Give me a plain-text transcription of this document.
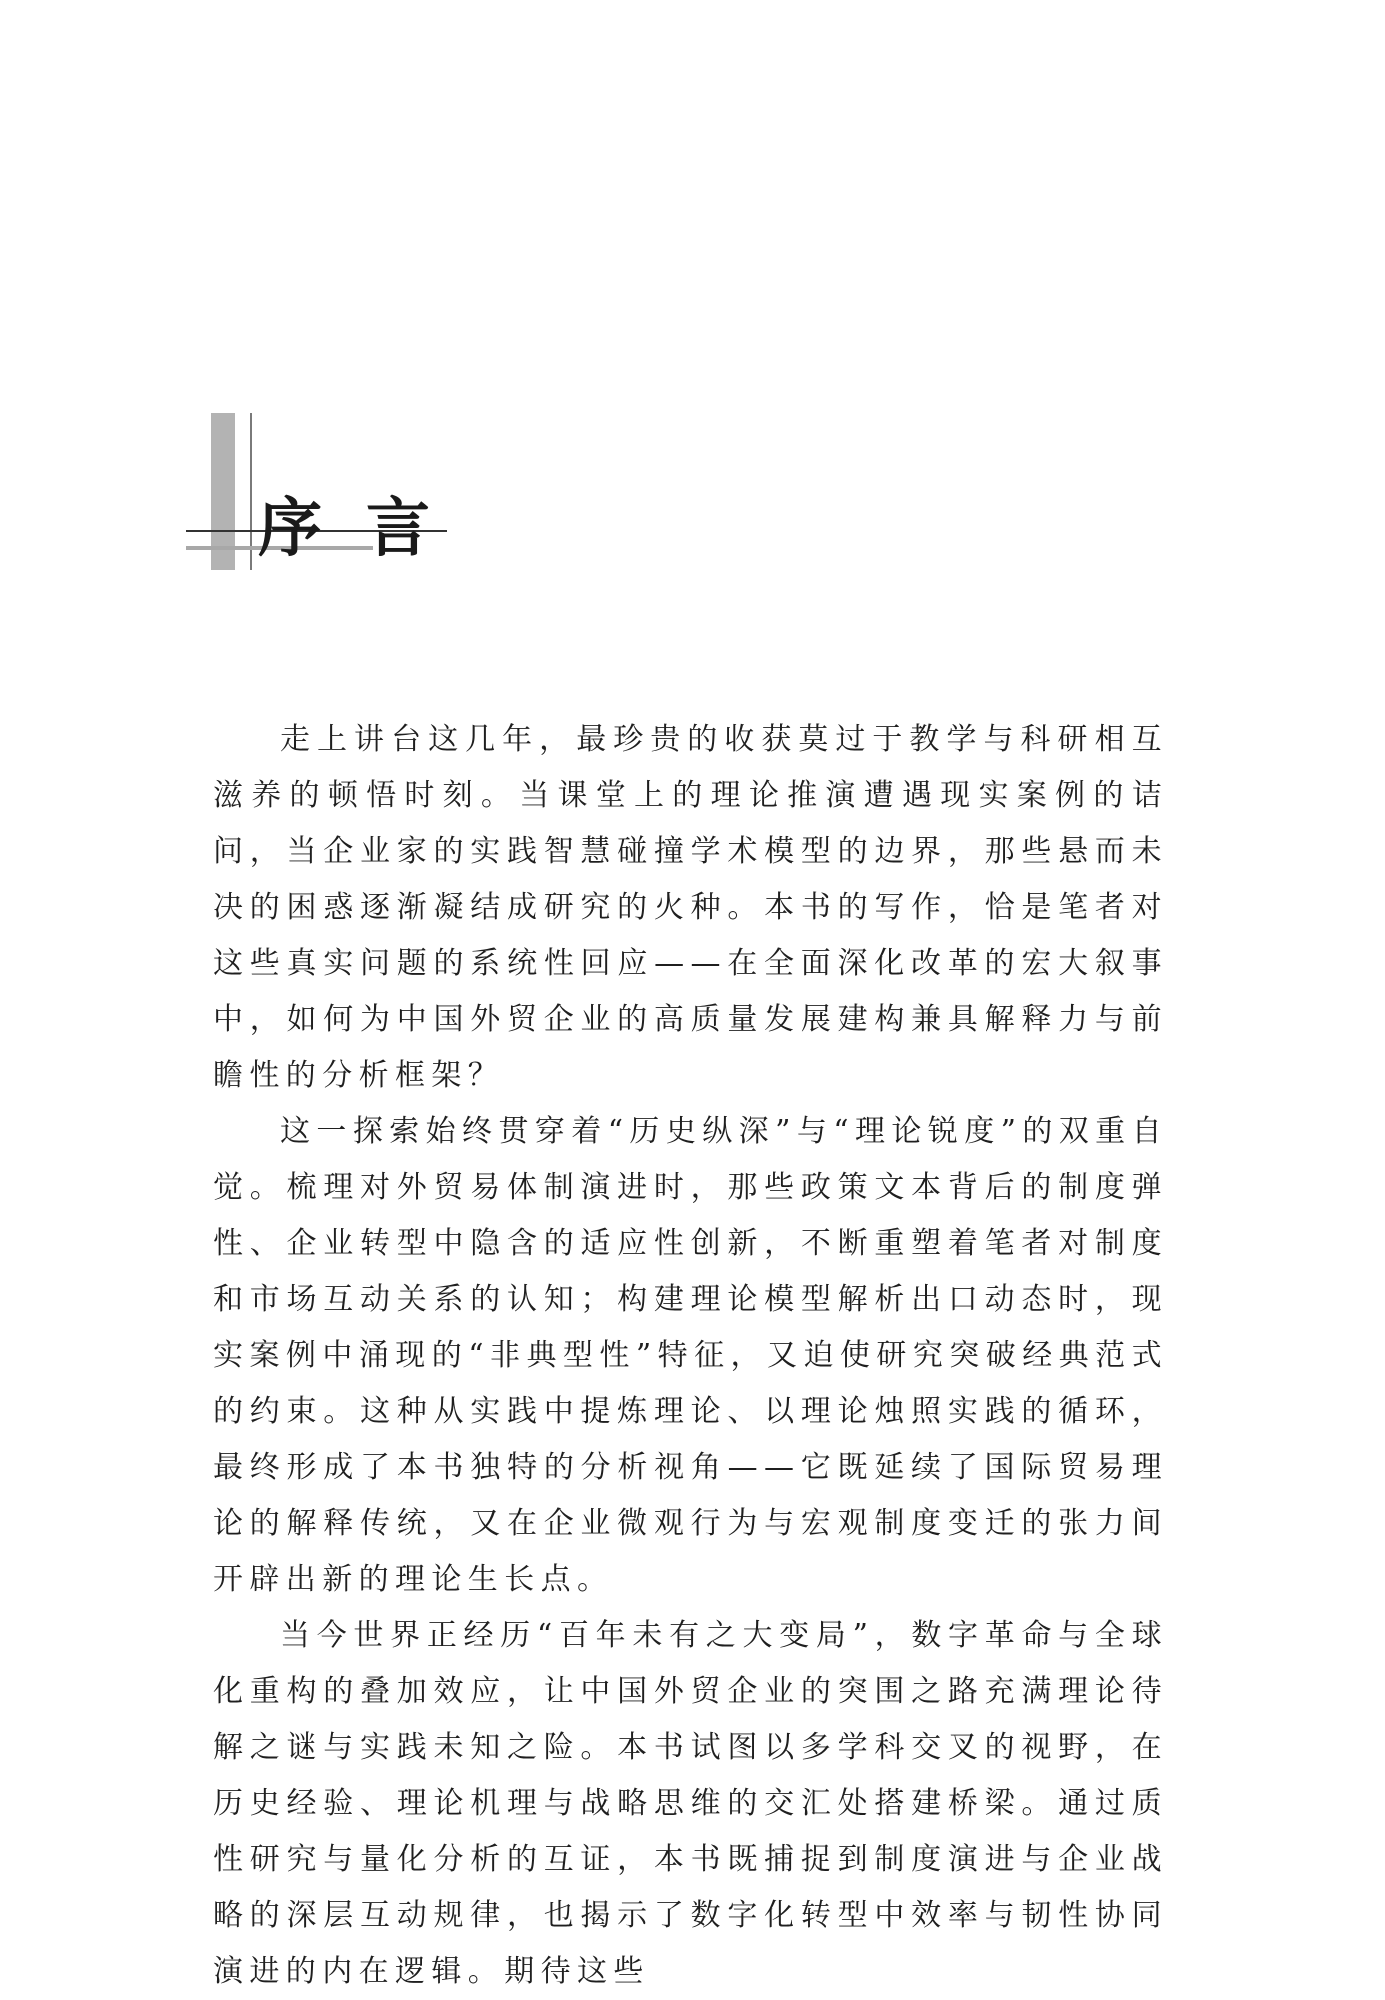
序言

走上讲台这几年，最珍贵的收获莫过于教学与科研相互滋养的顿悟时刻。当课堂上的理论推演遭遇现实案例的诘问，当企业家的实践智慧碰撞学术模型的边界，那些悬而未决的困惑逐渐凝结成研究的火种。本书的写作，恰是笔者对这些真实问题的系统性回应——在全面深化改革的宏大叙事中，如何为中国外贸企业的高质量发展建构兼具解释力与前瞻性的分析框架？

这一探索始终贯穿着“历史纵深”与“理论锐度”的双重自觉。梳理对外贸易体制演进时，那些政策文本背后的制度弹性、企业转型中隐含的适应性创新，不断重塑着笔者对制度和市场互动关系的认知；构建理论模型解析出口动态时，现实案例中涌现的“非典型性”特征，又迫使研究突破经典范式的约束。这种从实践中提炼理论、以理论烛照实践的循环，最终形成了本书独特的分析视角——它既延续了国际贸易理论的解释传统，又在企业微观行为与宏观制度变迁的张力间开辟出新的理论生长点。

当今世界正经历“百年未有之大变局”，数字革命与全球化重构的叠加效应，让中国外贸企业的突围之路充满理论待解之谜与实践未知之险。本书试图以多学科交叉的视野，在历史经验、理论机理与战略思维的交汇处搭建桥梁。通过质性研究与量化分析的互证，本书既捕捉到制度演进与企业战略的深层互动规律，也揭示了数字化转型中效率与韧性协同演进的内在逻辑。期待这些
